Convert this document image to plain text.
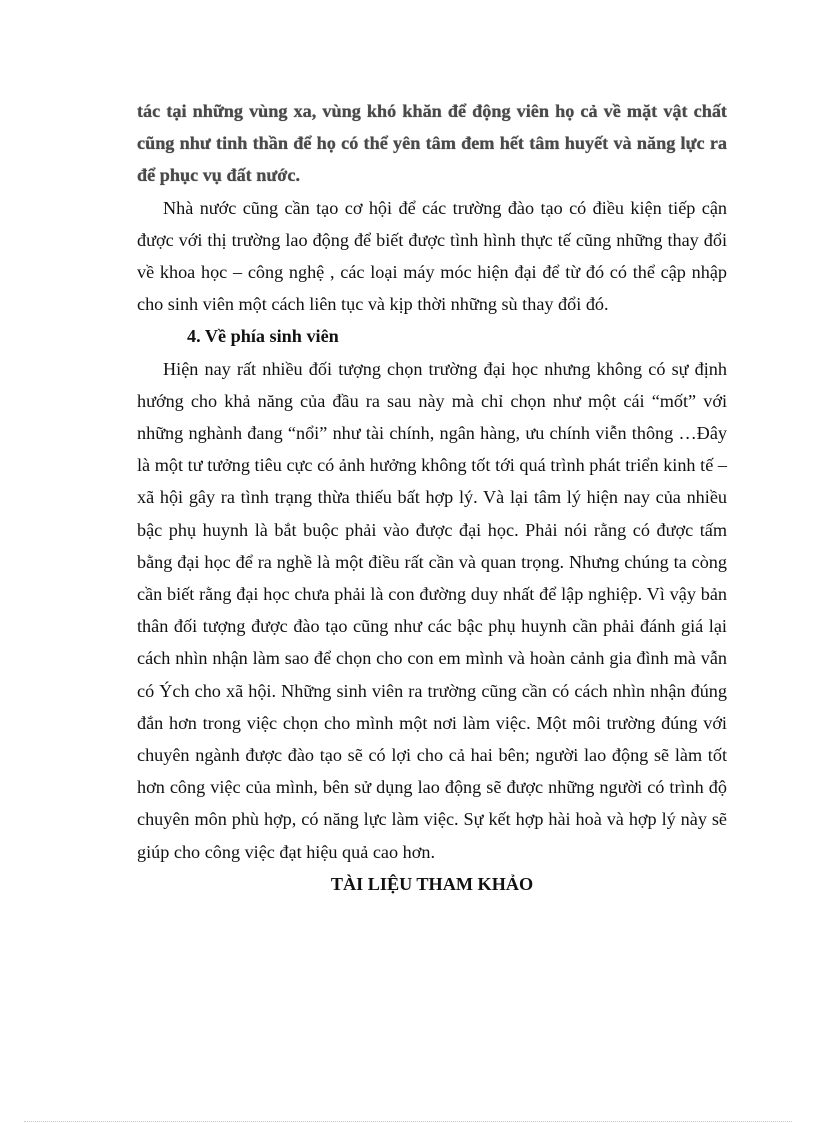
tác tại những vùng xa, vùng khó khăn để động viên họ cả về mặt vật chất cũng như tinh thần để họ có thể yên tâm đem hết tâm huyết và năng lực ra để phục vụ đất nước.

Nhà nước cũng cần tạo cơ hội để các trường đào tạo có điều kiện tiếp cận được với thị trường lao động để biết được tình hình thực tế cũng những thay đổi về khoa học – công nghệ , các loại máy móc hiện đại để từ đó có thể cập nhập cho sinh viên một cách liên tục và kịp thời những sù thay đổi đó.

4. Về phía sinh viên

Hiện nay rất nhiều đối tượng chọn trường đại học nhưng không có sự định hướng cho khả năng của đầu ra sau này mà chỉ chọn như một cái “mốt” với những nghành đang “nổi” như tài chính, ngân hàng, ưu chính viễn thông …Đây là một tư tưởng tiêu cực có ảnh hưởng không tốt tới quá trình phát triển kinh tế –xã hội gây ra tình trạng thừa thiếu bất hợp lý. Và lại tâm lý hiện nay của nhiều bậc phụ huynh là bắt buộc phải vào được đại học. Phải nói rằng có được tấm bằng đại học để ra nghề là một điều rất cần và quan trọng. Nhưng chúng ta còng cần biết rằng đại học chưa phải là con đường duy nhất để lập nghiệp. Vì vậy bản thân đối tượng được đào tạo cũng như các bậc phụ huynh cần phải đánh giá lại cách nhìn nhận làm sao để chọn cho con em mình và hoàn cảnh gia đình mà vẫn có Ých cho xã hội. Những sinh viên ra trường cũng cần có cách nhìn nhận đúng đắn hơn trong việc chọn cho mình một nơi làm việc. Một môi trường đúng với chuyên ngành được đào tạo sẽ có lợi cho cả hai bên; người lao động sẽ làm tốt hơn công việc của mình, bên sử dụng lao động sẽ được những người có trình độ chuyên môn phù hợp, có năng lực làm việc. Sự kết hợp hài hoà và hợp lý này sẽ giúp cho công việc đạt hiệu quả cao hơn.

TÀI LIỆU THAM KHẢO
